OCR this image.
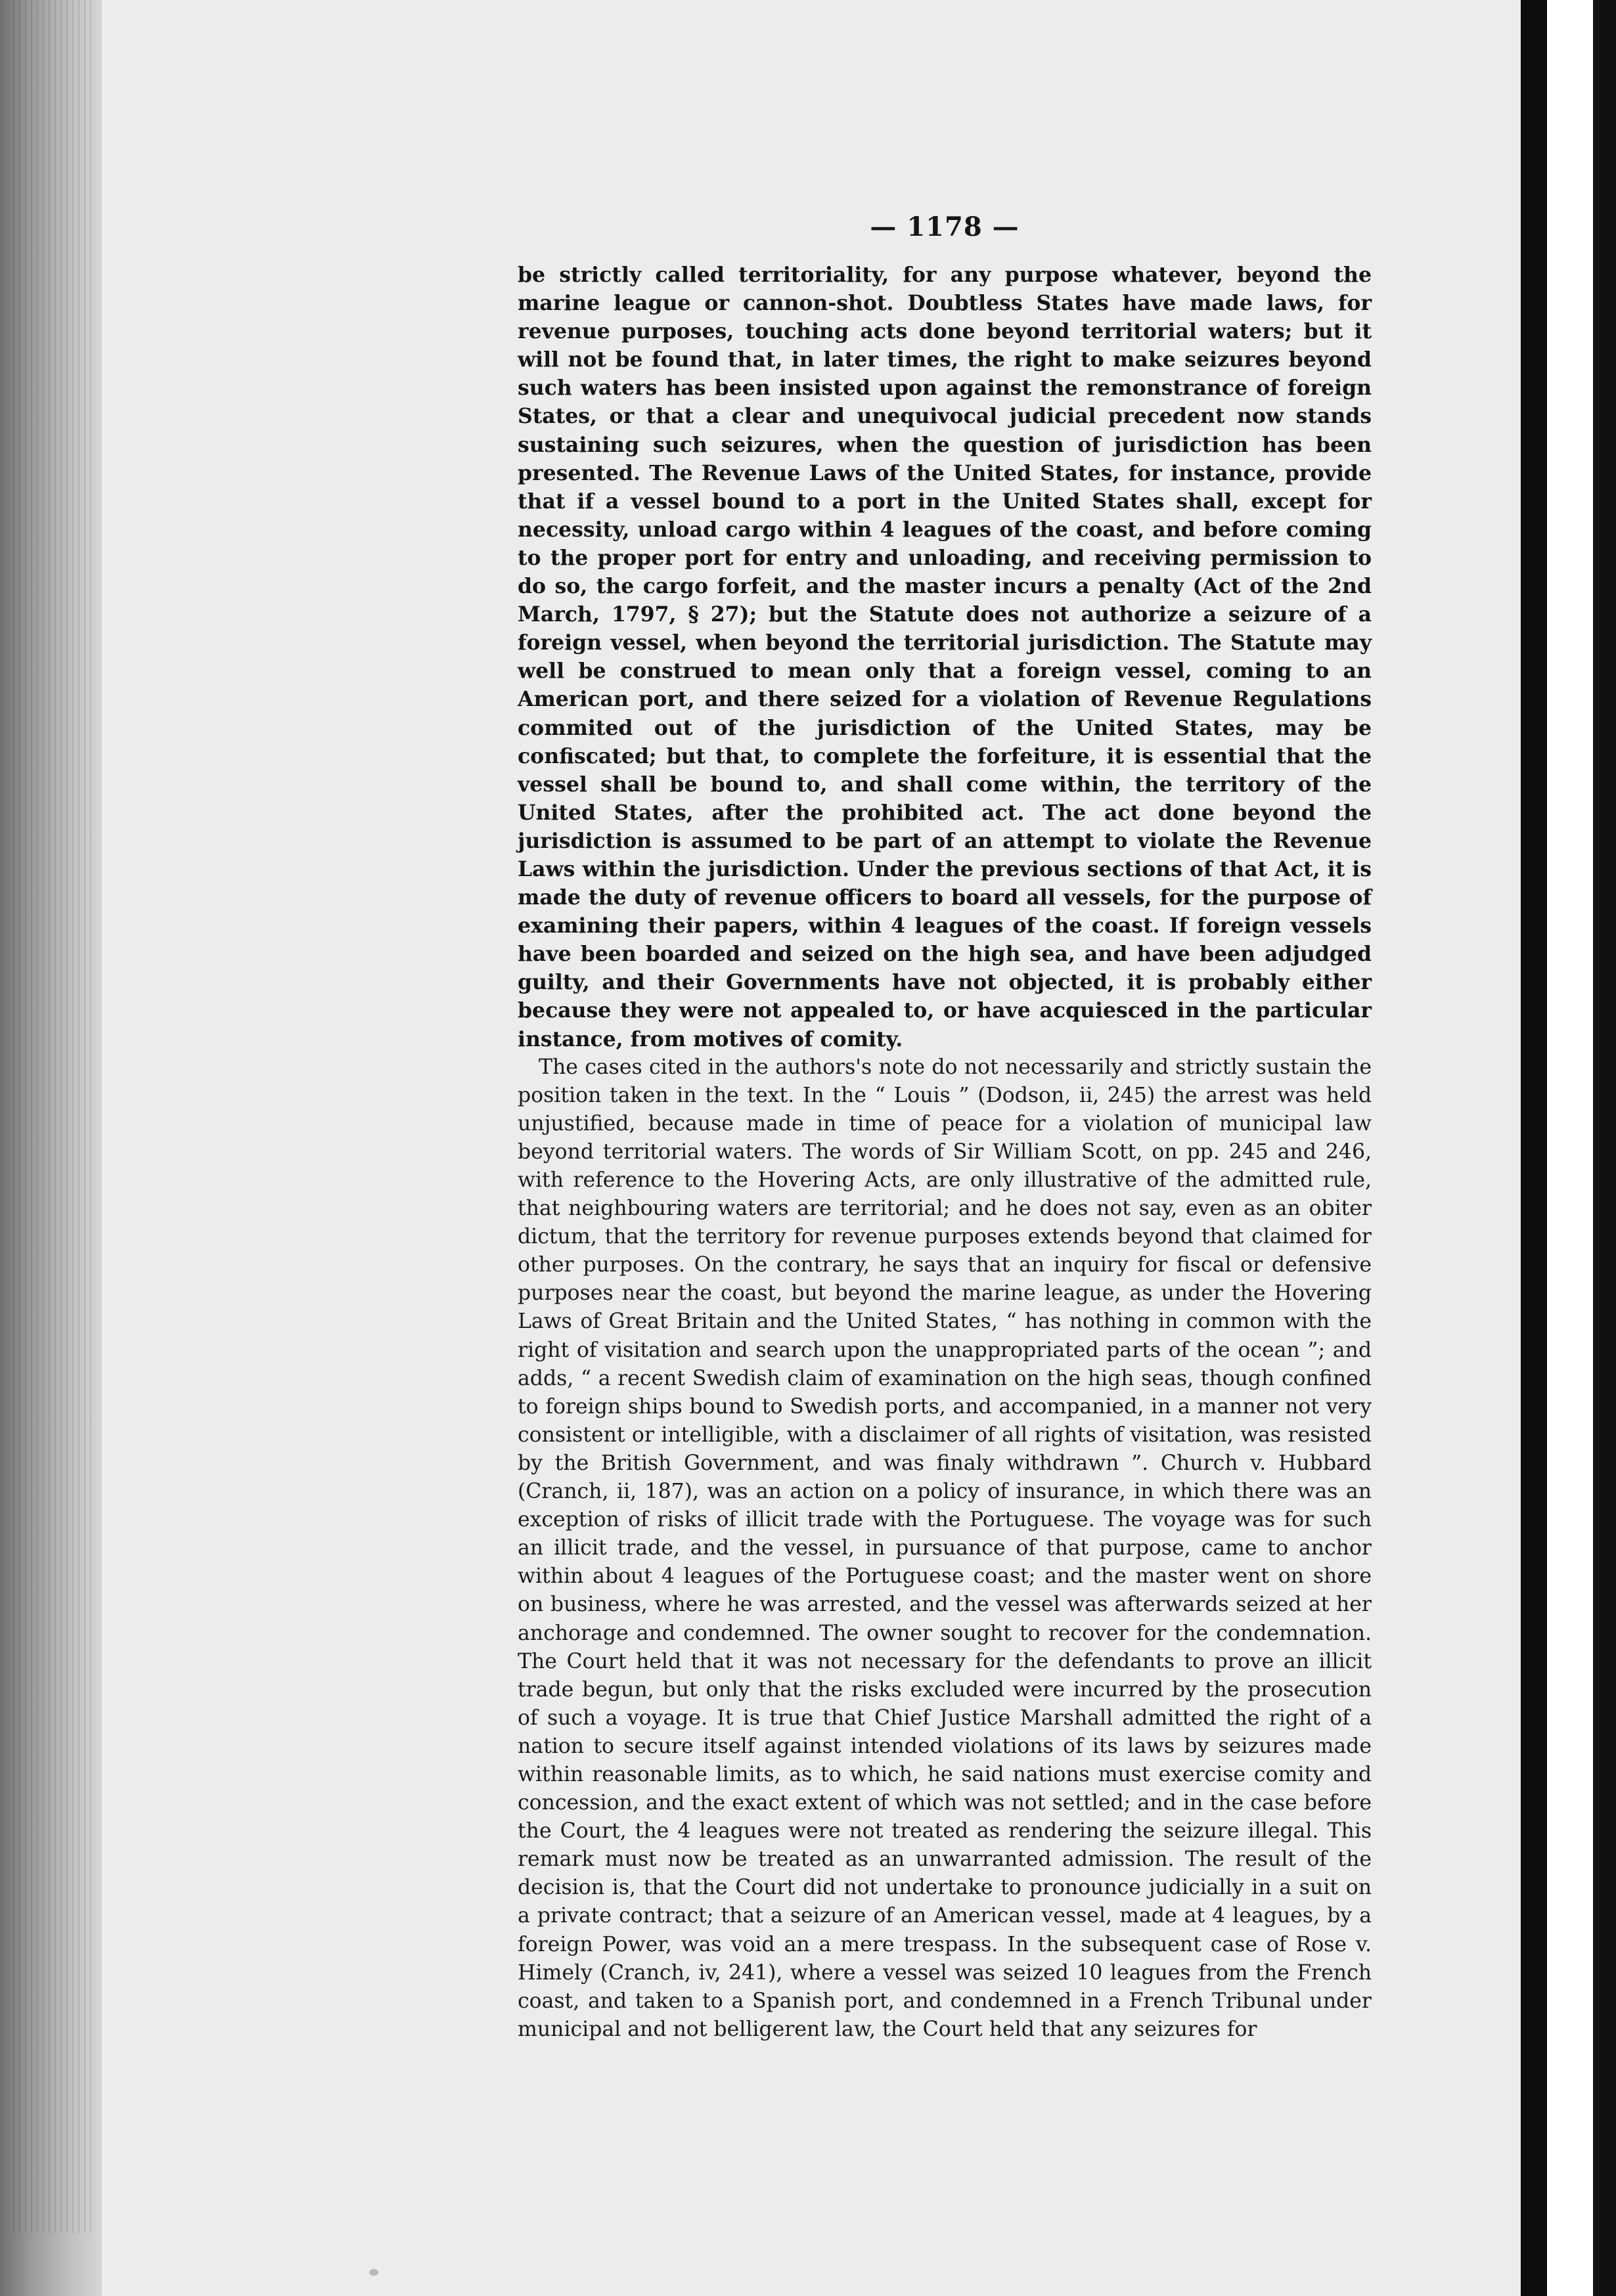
— 1178 —

be strictly called territoriality, for any purpose whatever, beyond the marine league or cannon-shot. Doubtless States have made laws, for revenue purposes, touching acts done beyond territorial waters; but it will not be found that, in later times, the right to make seizures beyond such waters has been insisted upon against the remonstrance of foreign States, or that a clear and unequivocal judicial precedent now stands sustaining such seizures, when the question of jurisdiction has been presented. The Revenue Laws of the United States, for instance, provide that if a vessel bound to a port in the United States shall, except for necessity, unload cargo within 4 leagues of the coast, and before coming to the proper port for entry and unloading, and receiving permission to do so, the cargo forfeit, and the master incurs a penalty (Act of the 2nd March, 1797, § 27); but the Statute does not authorize a seizure of a foreign vessel, when beyond the territorial jurisdiction. The Statute may well be construed to mean only that a foreign vessel, coming to an American port, and there seized for a violation of Revenue Regulations commited out of the jurisdiction of the United States, may be confiscated; but that, to complete the forfeiture, it is essential that the vessel shall be bound to, and shall come within, the territory of the United States, after the prohibited act. The act done beyond the jurisdiction is assumed to be part of an attempt to violate the Revenue Laws within the jurisdiction. Under the previous sections of that Act, it is made the duty of revenue officers to board all vessels, for the purpose of examining their papers, within 4 leagues of the coast. If foreign vessels have been boarded and seized on the high sea, and have been adjudged guilty, and their Governments have not objected, it is probably either because they were not appealed to, or have acquiesced in the particular instance, from motives of comity.

The cases cited in the authors's note do not necessarily and strictly sustain the position taken in the text. In the “ Louis ” (Dodson, ii, 245) the arrest was held unjustified, because made in time of peace for a violation of municipal law beyond territorial waters. The words of Sir William Scott, on pp. 245 and 246, with reference to the Hovering Acts, are only illustrative of the admitted rule, that neighbouring waters are territorial; and he does not say, even as an obiter dictum, that the territory for revenue purposes extends beyond that claimed for other purposes. On the contrary, he says that an inquiry for fiscal or defensive purposes near the coast, but beyond the marine league, as under the Hovering Laws of Great Britain and the United States, “ has nothing in common with the right of visitation and search upon the unappropriated parts of the ocean ”; and adds, “ a recent Swedish claim of examination on the high seas, though confined to foreign ships bound to Swedish ports, and accompanied, in a manner not very consistent or intelligible, with a disclaimer of all rights of visitation, was resisted by the British Government, and was finaly withdrawn ”. Church v. Hubbard (Cranch, ii, 187), was an action on a policy of insurance, in which there was an exception of risks of illicit trade with the Portuguese. The voyage was for such an illicit trade, and the vessel, in pursuance of that purpose, came to anchor within about 4 leagues of the Portuguese coast; and the master went on shore on business, where he was arrested, and the vessel was afterwards seized at her anchorage and condemned. The owner sought to recover for the condemnation. The Court held that it was not necessary for the defendants to prove an illicit trade begun, but only that the risks excluded were incurred by the prosecution of such a voyage. It is true that Chief Justice Marshall admitted the right of a nation to secure itself against intended violations of its laws by seizures made within reasonable limits, as to which, he said nations must exercise comity and concession, and the exact extent of which was not settled; and in the case before the Court, the 4 leagues were not treated as rendering the seizure illegal. This remark must now be treated as an unwarranted admission. The result of the decision is, that the Court did not undertake to pronounce judicially in a suit on a private contract; that a seizure of an American vessel, made at 4 leagues, by a foreign Power, was void an a mere trespass. In the subsequent case of Rose v. Himely (Cranch, iv, 241), where a vessel was seized 10 leagues from the French coast, and taken to a Spanish port, and condemned in a French Tribunal under municipal and not belligerent law, the Court held that any seizures for
